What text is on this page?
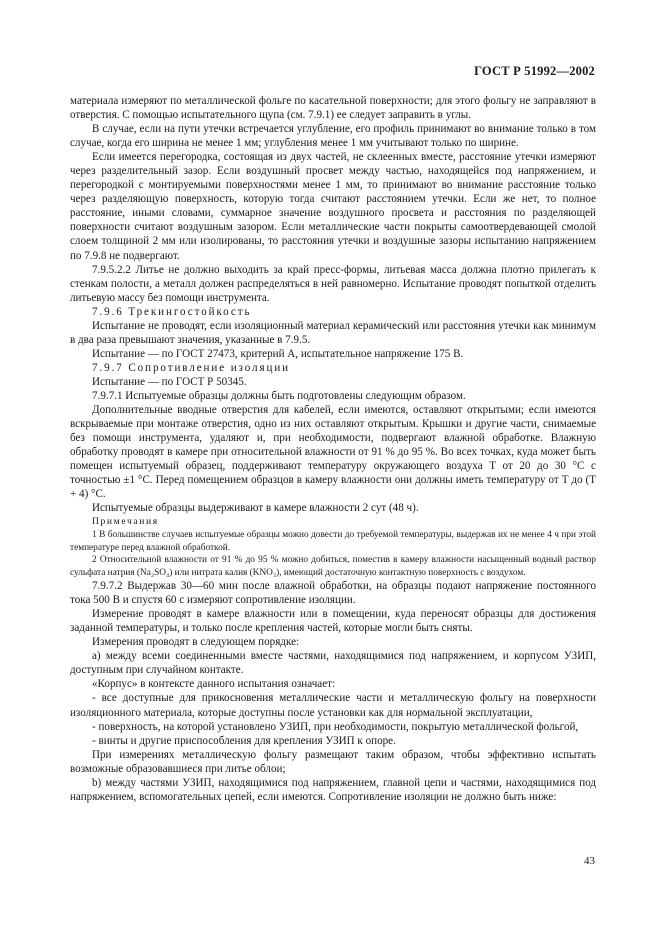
ГОСТ Р 51992—2002

материала измеряют по металлической фольге по касательной поверхности; для этого фольгу не заправляют в отверстия. С помощью испытательного щупа (см. 7.9.1) ее следует заправить в углы.

В случае, если на пути утечки встречается углубление, его профиль принимают во внимание только в том случае, когда его ширина не менее 1 мм; углубления менее 1 мм учитывают только по ширине.

Если имеется перегородка, состоящая из двух частей, не склеенных вместе, расстояние утечки измеряют через разделительный зазор. Если воздушный просвет между частью, находящейся под напряжением, и перегородкой с монтируемыми поверхностями менее 1 мм, то принимают во внимание расстояние только через разделяющую поверхность, которую тогда считают расстоянием утечки. Если же нет, то полное расстояние, иными словами, суммарное значение воздушного просвета и расстояния по разделяющей поверхности считают воздушным зазором. Если металлические части покрыты самоотвердевающей смолой слоем толщиной 2 мм или изолированы, то расстояния утечки и воздушные зазоры испытанию напряжением по 7.9.8 не подвергают.

7.9.5.2.2 Литье не должно выходить за край пресс-формы, литьевая масса должна плотно прилегать к стенкам полости, а металл должен распределяться в ней равномерно. Испытание проводят попыткой отделить литьевую массу без помощи инструмента.

7.9.6 Трекингостойкость

Испытание не проводят, если изоляционный материал керамический или расстояния утечки как минимум в два раза превышают значения, указанные в 7.9.5.

Испытание — по ГОСТ 27473, критерий А, испытательное напряжение 175 В.

7.9.7 Сопротивление изоляции

Испытание — по ГОСТ Р 50345.

7.9.7.1 Испытуемые образцы должны быть подготовлены следующим образом.

Дополнительные вводные отверстия для кабелей, если имеются, оставляют открытыми; если имеются вскрываемые при монтаже отверстия, одно из них оставляют открытым. Крышки и другие части, снимаемые без помощи инструмента, удаляют и, при необходимости, подвергают влажной обработке. Влажную обработку проводят в камере при относительной влажности от 91 % до 95 %. Во всех точках, куда может быть помещен испытуемый образец, поддерживают температуру окружающего воздуха T от 20 до 30 °С с точностью ±1 °С. Перед помещением образцов в камеру влажности они должны иметь температуру от T до (T + 4) °С.

Испытуемые образцы выдерживают в камере влажности 2 сут (48 ч).

Примечания

1 В большинстве случаев испытуемые образцы можно довести до требуемой температуры, выдержав их не менее 4 ч при этой температуре перед влажной обработкой.

2 Относительной влажности от 91 % до 95 % можно добиться, поместив в камеру влажности насыщенный водный раствор сульфата натрия (Na₂SO₄) или нитрата калия (KNO₃), имеющий достаточную контактную поверхность с воздухом.

7.9.7.2 Выдержав 30—60 мин после влажной обработки, на образцы подают напряжение постоянного тока 500 В и спустя 60 с измеряют сопротивление изоляции.

Измерение проводят в камере влажности или в помещении, куда переносят образцы для достижения заданной температуры, и только после крепления частей, которые могли быть сняты.

Измерения проводят в следующем порядке:

а) между всеми соединенными вместе частями, находящимися под напряжением, и корпусом УЗИП, доступным при случайном контакте.

«Корпус» в контексте данного испытания означает:

- все доступные для прикосновения металлические части и металлическую фольгу на поверхности изоляционного материала, которые доступны после установки как для нормальной эксплуатации,

- поверхность, на которой установлено УЗИП, при необходимости, покрытую металлической фольгой,

- винты и другие приспособления для крепления УЗИП к опоре.

При измерениях металлическую фольгу размещают таким образом, чтобы эффективно испытать возможные образовавшиеся при литье облои;

b) между частями УЗИП, находящимися под напряжением, главной цепи и частями, находящимися под напряжением, вспомогательных цепей, если имеются. Сопротивление изоляции не должно быть ниже:

43
